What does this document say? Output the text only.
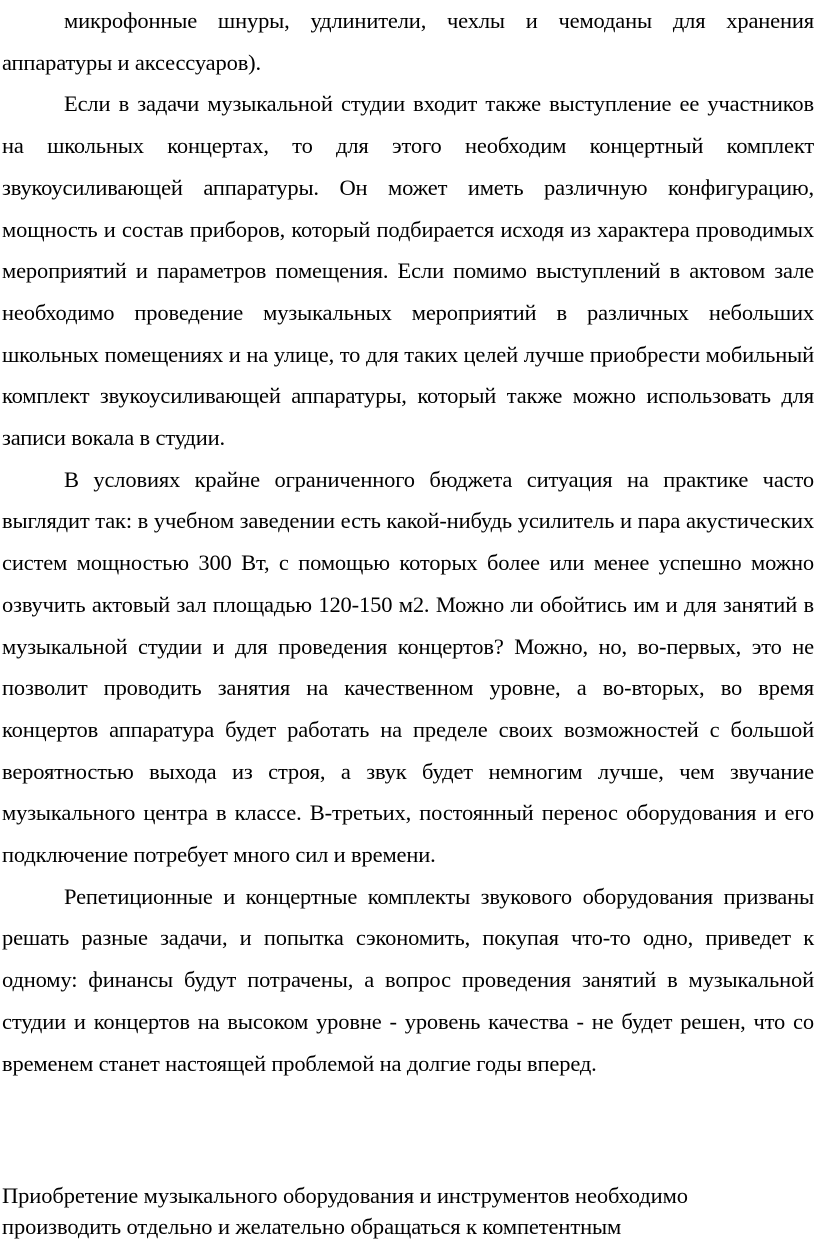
микрофонные шнуры, удлинители, чехлы и чемоданы для хранения аппаратуры и аксессуаров).

Если в задачи музыкальной студии входит также выступление ее участников на школьных концертах, то для этого необходим концертный комплект звукоусиливающей аппаратуры. Он может иметь различную конфигурацию, мощность и состав приборов, который подбирается исходя из характера проводимых мероприятий и параметров помещения. Если помимо выступлений в актовом зале необходимо проведение музыкальных мероприятий в различных небольших школьных помещениях и на улице, то для таких целей лучше приобрести мобильный комплект звукоусиливающей аппаратуры, который также можно использовать для записи вокала в студии.

В условиях крайне ограниченного бюджета ситуация на практике часто выглядит так: в учебном заведении есть какой-нибудь усилитель и пара акустических систем мощностью 300 Вт, с помощью которых более или менее успешно можно озвучить актовый зал площадью 120-150 м2. Можно ли обойтись им и для занятий в музыкальной студии и для проведения концертов? Можно, но, во-первых, это не позволит проводить занятия на качественном уровне, а во-вторых, во время концертов аппаратура будет работать на пределе своих возможностей с большой вероятностью выхода из строя, а звук будет немногим лучше, чем звучание музыкального центра в классе. В-третьих, постоянный перенос оборудования и его подключение потребует много сил и времени.

Репетиционные и концертные комплекты звукового оборудования призваны решать разные задачи, и попытка сэкономить, покупая что-то одно, приведет к одному: финансы будут потрачены, а вопрос проведения занятий в музыкальной студии и концертов на высоком уровне - уровень качества - не будет решен, что со временем станет настоящей проблемой на долгие годы вперед.

Приобретение музыкального оборудования и инструментов необходимо

производить отдельно и желательно обращаться к компетентным
